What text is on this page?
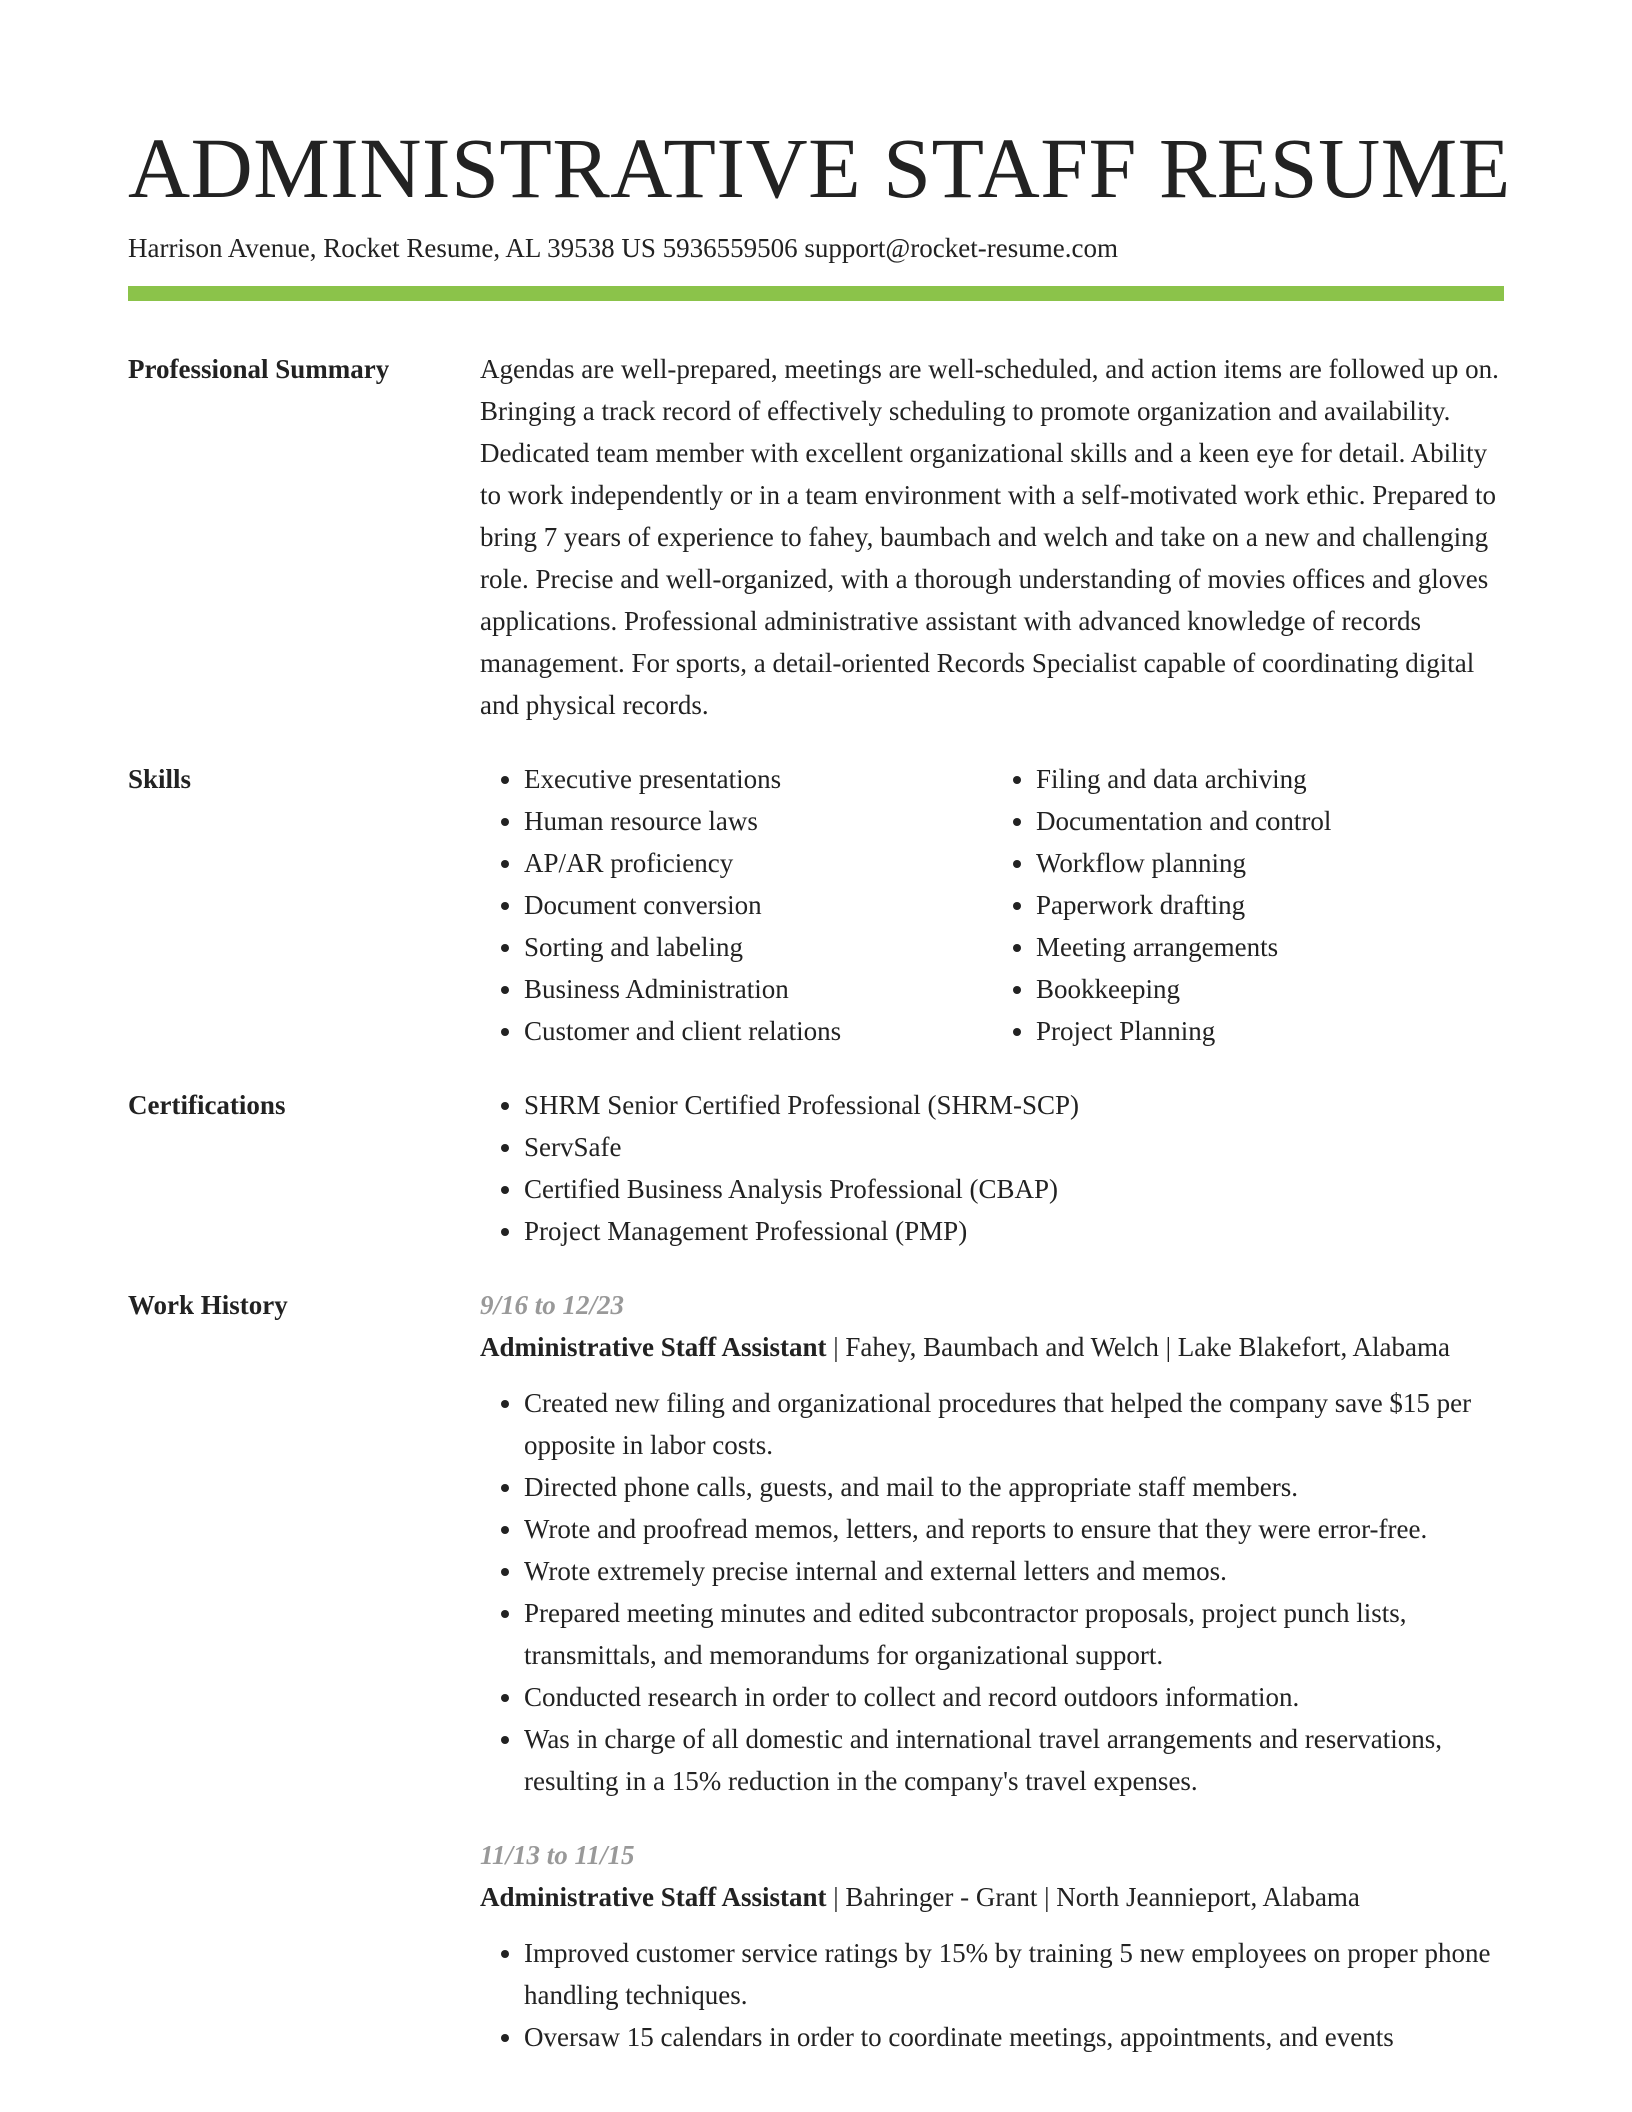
ADMINISTRATIVE STAFF RESUME
Harrison Avenue, Rocket Resume, AL 39538 US 5936559506 support@rocket-resume.com
Professional Summary	Agendas are well-prepared, meetings are well-scheduled, and action items are followed up on. Bringing a track record of effectively scheduling to promote organization and availability. Dedicated team member with excellent organizational skills and a keen eye for detail. Ability to work independently or in a team environment with a self-motivated work ethic. Prepared to bring 7 years of experience to fahey, baumbach and welch and take on a new and challenging role. Precise and well-organized, with a thorough understanding of movies offices and gloves applications. Professional administrative assistant with advanced knowledge of records management. For sports, a detail-oriented Records Specialist capable of coordinating digital and physical records.

Skills	• Executive presentations
• Human resource laws
• AP/AR proficiency
• Document conversion
• Sorting and labeling
• Business Administration
• Customer and client relations
• Filing and data archiving
• Documentation and control
• Workflow planning
• Paperwork drafting
• Meeting arrangements
• Bookkeeping
• Project Planning
Certifications	• SHRM Senior Certified Professional (SHRM-SCP)
• ServSafe
• Certified Business Analysis Professional (CBAP)
• Project Management Professional (PMP)
Work History	9/16 to 12/23
Administrative Staff Assistant | Fahey, Baumbach and Welch | Lake Blakefort, Alabama
• Created new filing and organizational procedures that helped the company save $15 per opposite in labor costs.
• Directed phone calls, guests, and mail to the appropriate staff members.
• Wrote and proofread memos, letters, and reports to ensure that they were error-free.
• Wrote extremely precise internal and external letters and memos.
• Prepared meeting minutes and edited subcontractor proposals, project punch lists, transmittals, and memorandums for organizational support.
• Conducted research in order to collect and record outdoors information.
• Was in charge of all domestic and international travel arrangements and reservations, resulting in a 15% reduction in the company's travel expenses.
11/13 to 11/15
Administrative Staff Assistant | Bahringer - Grant | North Jeannieport, Alabama
• Improved customer service ratings by 15% by training 5 new employees on proper phone handling techniques.
• Oversaw 15 calendars in order to coordinate meetings, appointments, and events
